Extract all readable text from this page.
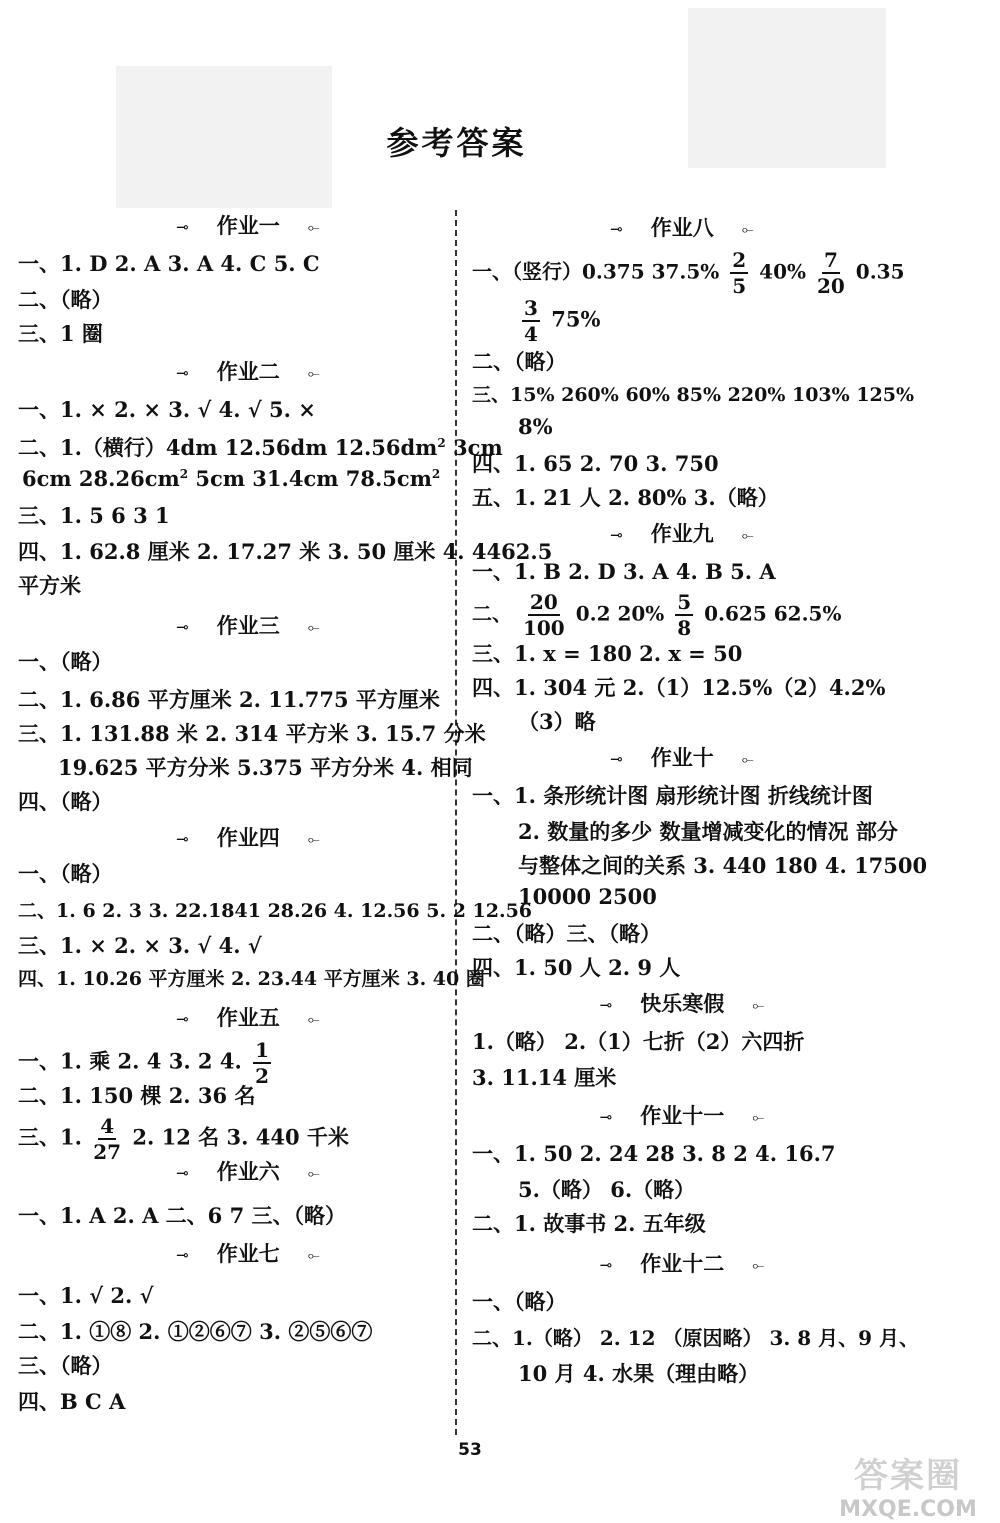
参考答案
⊸ 作业一 ⟜
一、1. D 2. A 3. A 4. C 5. C
二、（略）
三、1 圈
⊸ 作业二 ⟜
一、1. × 2. × 3. √ 4. √ 5. ×
二、1.（横行）4dm 12.56dm $12.56dm^2$ 3cm
6cm $28.26cm^2$ 5cm 31.4cm $78.5cm^2$
三、1. 5 6 3 1
四、1. 62.8 厘米 2. 17.27 米 3. 50 厘米 4. 4462.5
平方米
⊸ 作业三 ⟜
一、（略）
二、1. 6.86 平方厘米 2. 11.775 平方厘米
三、1. 131.88 米 2. 314 平方米 3. 15.7 分米
19.625 平方分米 5.375 平方分米 4. 相同
四、（略）
⊸ 作业四 ⟜
一、（略）
二、1. 6 2. 3 3. 22.1841 28.26 4. 12.56 5. 2 12.56
三、1. × 2. × 3. √ 4. √
四、1. 10.26 平方厘米 2. 23.44 平方厘米 3. 40 圈
⊸ 作业五 ⟜
一、1. 乘 2. 4 3. 2 4. $\frac{1}{2}$
二、1. 150 棵 2. 36 名
三、1. $\frac{4}{27} 2$. 12 名 3. 440 千米
⊸ 作业六 ⟜
一、1. A 2. A 二、6 7 三、（略）
⊸ 作业七 ⟜
一、1. √ 2. √
二、1. ①⑧ 2. ①②⑥⑦ 3. ②⑤⑥⑦
三、（略）
四、B C A
⊸ 作业八 ⟜
一、（竖行）0.375 $37.5\% \frac{2}{5} 40\% \frac{7}{20} 0.35$
$\frac{3}{4} 75\%$
二、（略）
三、15% 260% 60% 85% 220% 103% 125%
8%
四、1. 65 2. 70 3. 750
五、1. 21 人 2. 80% 3.（略）
⊸ 作业九 ⟜
一、1. B 2. D 3. A 4. B 5. A
二、 $\frac{20}{100} 0.2$ $20\% \frac{5}{8} 0.625$ 62.5%
三、1. x = 180 2. x = 50
四、1. 304 元 2.（1）12.5%（2）4.2%
（3）略
⊸ 作业十 ⟜
一、1. 条形统计图 扇形统计图 折线统计图
2. 数量的多少 数量增减变化的情况 部分
与整体之间的关系 3. 440 180 4. 17500
10000 2500
二、（略）三、（略）
四、1. 50 人 2. 9 人
⊸ 快乐寒假 ⟜
1.（略） 2.（1）七折（2）六四折
3. 11.14 厘米
⊸ 作业十一 ⟜
一、1. 50 2. 24 28 3. 8 2 4. 16.7
5.（略） 6.（略）
二、1. 故事书 2. 五年级
⊸ 作业十二 ⟜
一、（略）
二、1.（略） 2. 12 （原因略） 3. 8 月、9 月、
10 月 4. 水果（理由略）
53
答案圈
MXQE.COM
